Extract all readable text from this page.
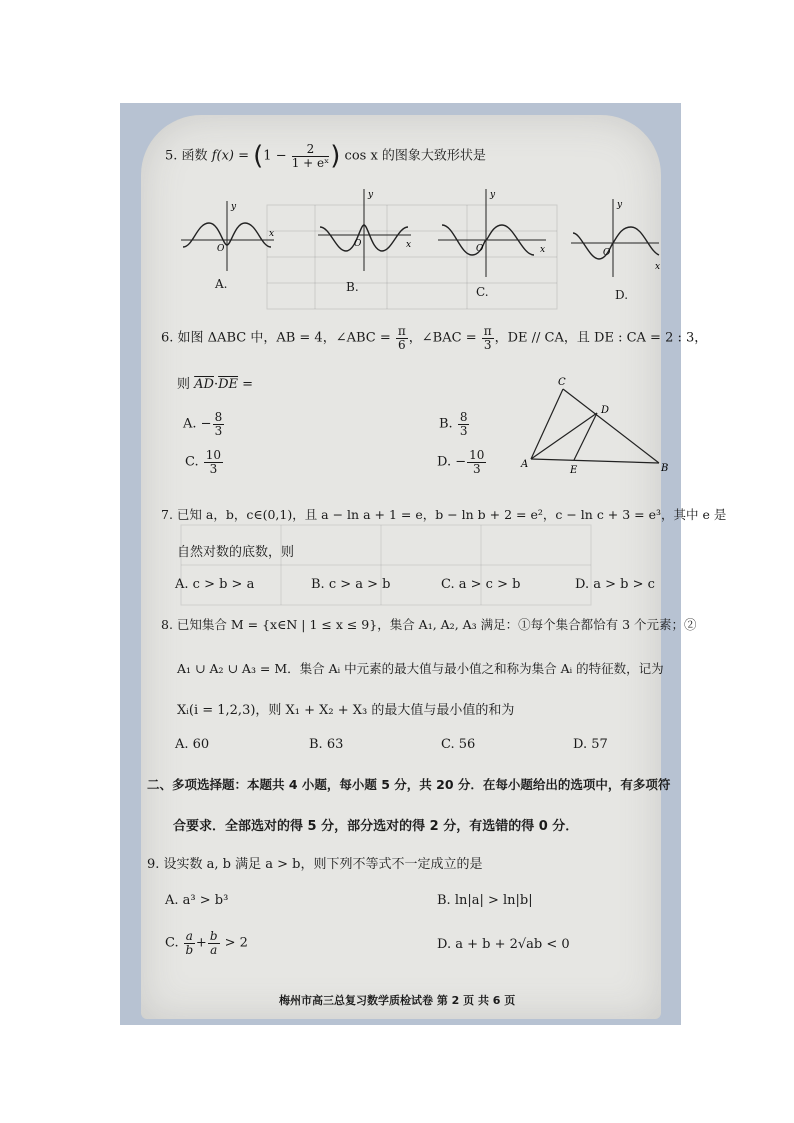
5. 函数 $f(x) = (1 - \frac{2}{\text{1 + eˣ}}$ ) cos x 的图象大致形状是
y
x
O
y
x
O
y
x
O
y
x
O
A.	B.	C.	D.
6. 如图 ΔABC 中，AB = 4，∠ABC = $\frac{\pi}{6}$ ，∠BAC = $\frac{\pi}{3}$ ，DE // CA，且 DE : CA = 2 : 3，
则 $\overline{AD}\cdot\overline{DE}$ =
A. − $\frac{8}{3}$	B. $\frac{8}{3}$
C. $\frac{10}{3}$	D. − $\frac{10}{3}$
C
D
A	B
E
7. 已知 a，b，c∈(0,1)，且 a − ln a + 1 = e，b − ln b + 2 = e²，c − ln c + 3 = e³，其中 e 是
自然对数的底数，则
A. c > b > a	B. c > a > b	C. a > c > b	D. a > b > c
8. 已知集合 M = {x∈N | 1 ≤ x ≤ 9}，集合 A₁, A₂, A₃ 满足：①每个集合都恰有 3 个元素；②
A₁ ∪ A₂ ∪ A₃ = M．集合 Aᵢ 中元素的最大值与最小值之和称为集合 Aᵢ 的特征数，记为
Xᵢ(i = 1,2,3)，则 X₁ + X₂ + X₃ 的最大值与最小值的和为
A. 60	B. 63	C. 56	D. 57
二、多项选择题：本题共 4 小题，每小题 5 分，共 20 分．在每小题给出的选项中，有多项符
合要求．全部选对的得 5 分，部分选对的得 2 分，有选错的得 0 分．
9. 设实数 a, b 满足 a > b，则下列不等式不一定成立的是
A. a³ > b³	B. ln|a| > ln|b|
C. $\frac{a}{b} + \frac{b}{a} > 2$	D. a + b + 2√ab < 0
梅州市高三总复习数学质检试卷 第 2 页 共 6 页
